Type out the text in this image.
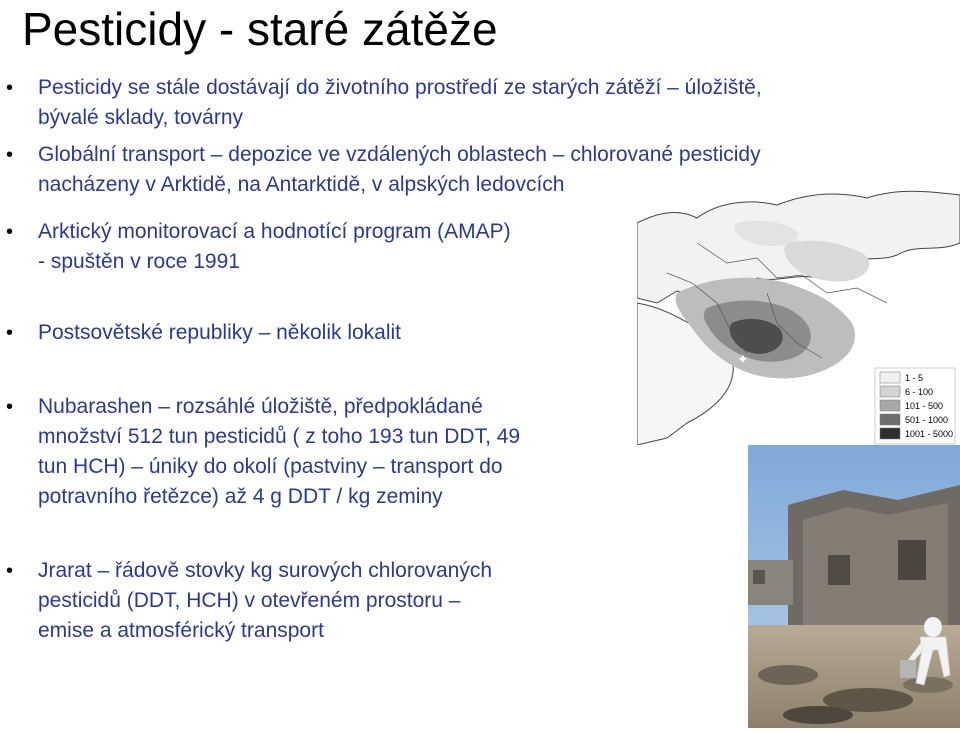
Pesticidy - staré zátěže
• Pesticidy se stále dostávají do životního prostředí ze starých zátěží – úložiště,
bývalé sklady, továrny
• Globální transport – depozice ve vzdálených oblastech – chlorované pesticidy
nacházeny v Arktidě, na Antarktidě, v alpských ledovcích
• Arktický monitorovací a hodnotící program (AMAP)
- spuštěn v roce 1991
• Postsovětské republiky – několik lokalit
• Nubarashen – rozsáhlé úložiště, předpokládané
množství 512 tun pesticidů ( z toho 193 tun DDT, 49
tun HCH) – úniky do okolí (pastviny – transport do
potravního řetězce) až 4 g DDT / kg zeminy
• Jrarat – řádově stovky kg surových chlorovaných
pesticidů (DDT, HCH) v otevřeném prostoru –
emise a atmosférický transport
✦
1 - 5
6 - 100
101 - 500
501 - 1000
1001 - 5000
